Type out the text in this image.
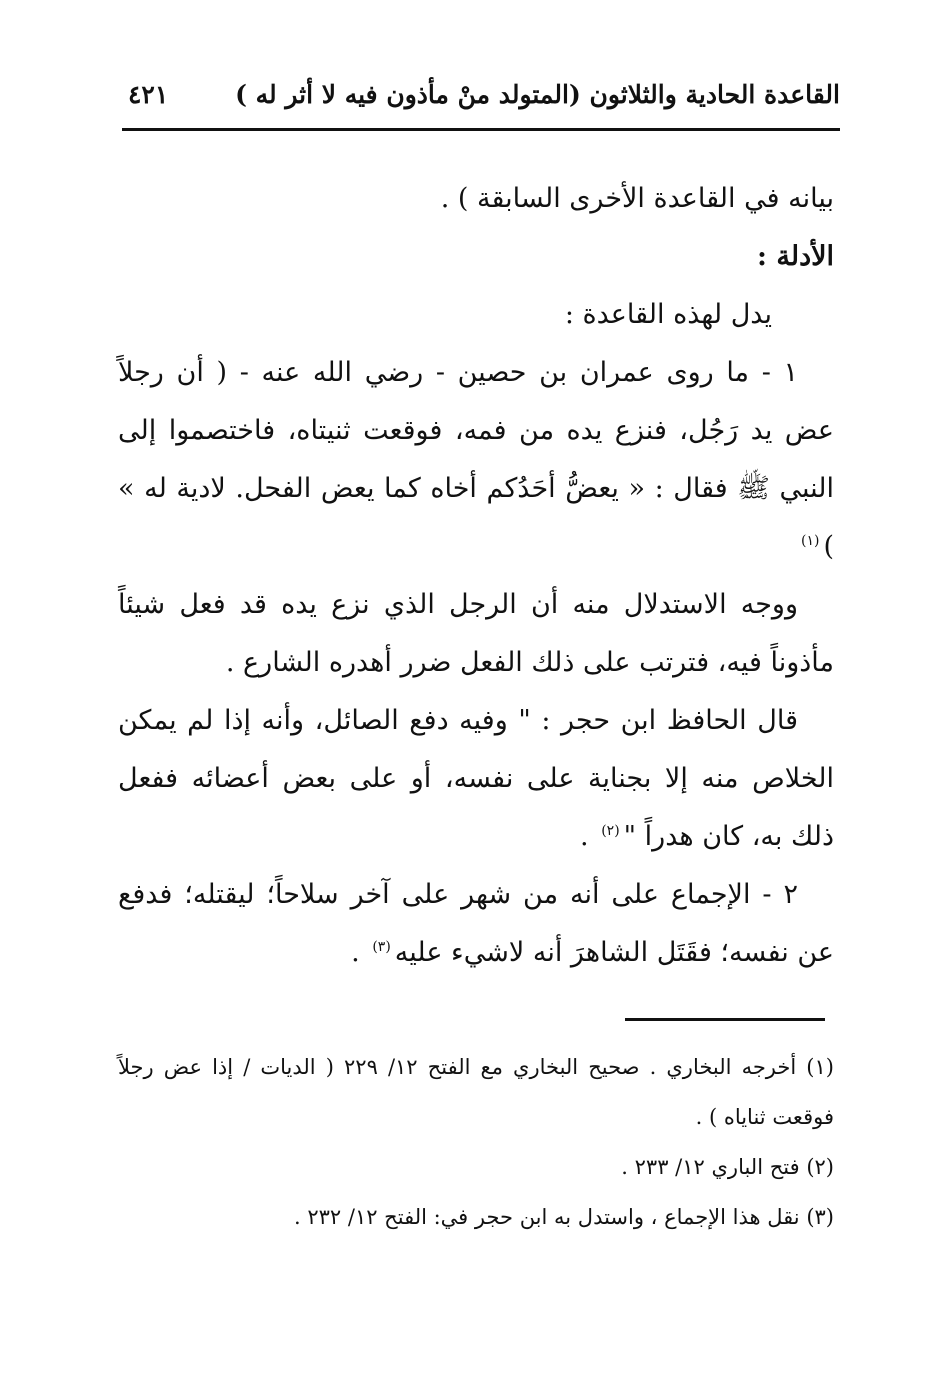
القاعدة الحادية والثلاثون (المتولد منْ مأذون فيه لا أثر له )
٤٢١

بيانه في القاعدة الأخرى السابقة ) .

الأدلة :

يدل لهذه القاعدة :

١ - ما روى عمران بن حصين - رضي الله عنه - ( أن رجلاً عض يد رَجُل، فنزع يده من فمه، فوقعت ثنيتاه، فاختصموا إلى النبي ﷺ فقال : « يعضُّ أحَدُكم أخاه كما يعض الفحل. لادية له » )$^{(١)}$

ووجه الاستدلال منه أن الرجل الذي نزع يده قد فعل شيئاً مأذوناً فيه، فترتب على ذلك الفعل ضرر أهدره الشارع .

قال الحافظ ابن حجر : " وفيه دفع الصائل، وأنه إذا لم يمكن الخلاص منه إلا بجناية على نفسه، أو على بعض أعضائه ففعل ذلك به، كان هدراً "$^{(٢)}$ .

٢ - الإجماع على أنه من شهر على آخر سلاحاً؛ ليقتله؛ فدفع عن نفسه؛ فقَتَل الشاهرَ أنه لاشيء عليه$^{(٣)}$ .

(١) أخرجه البخاري . صحيح البخاري مع الفتح ١٢/ ٢٢٩ ( الديات / إذا عض رجلاً فوقعت ثناياه ) .

(٢) فتح الباري ١٢/ ٢٣٣ .

(٣) نقل هذا الإجماع ، واستدل به ابن حجر في: الفتح ١٢/ ٢٣٢ .
